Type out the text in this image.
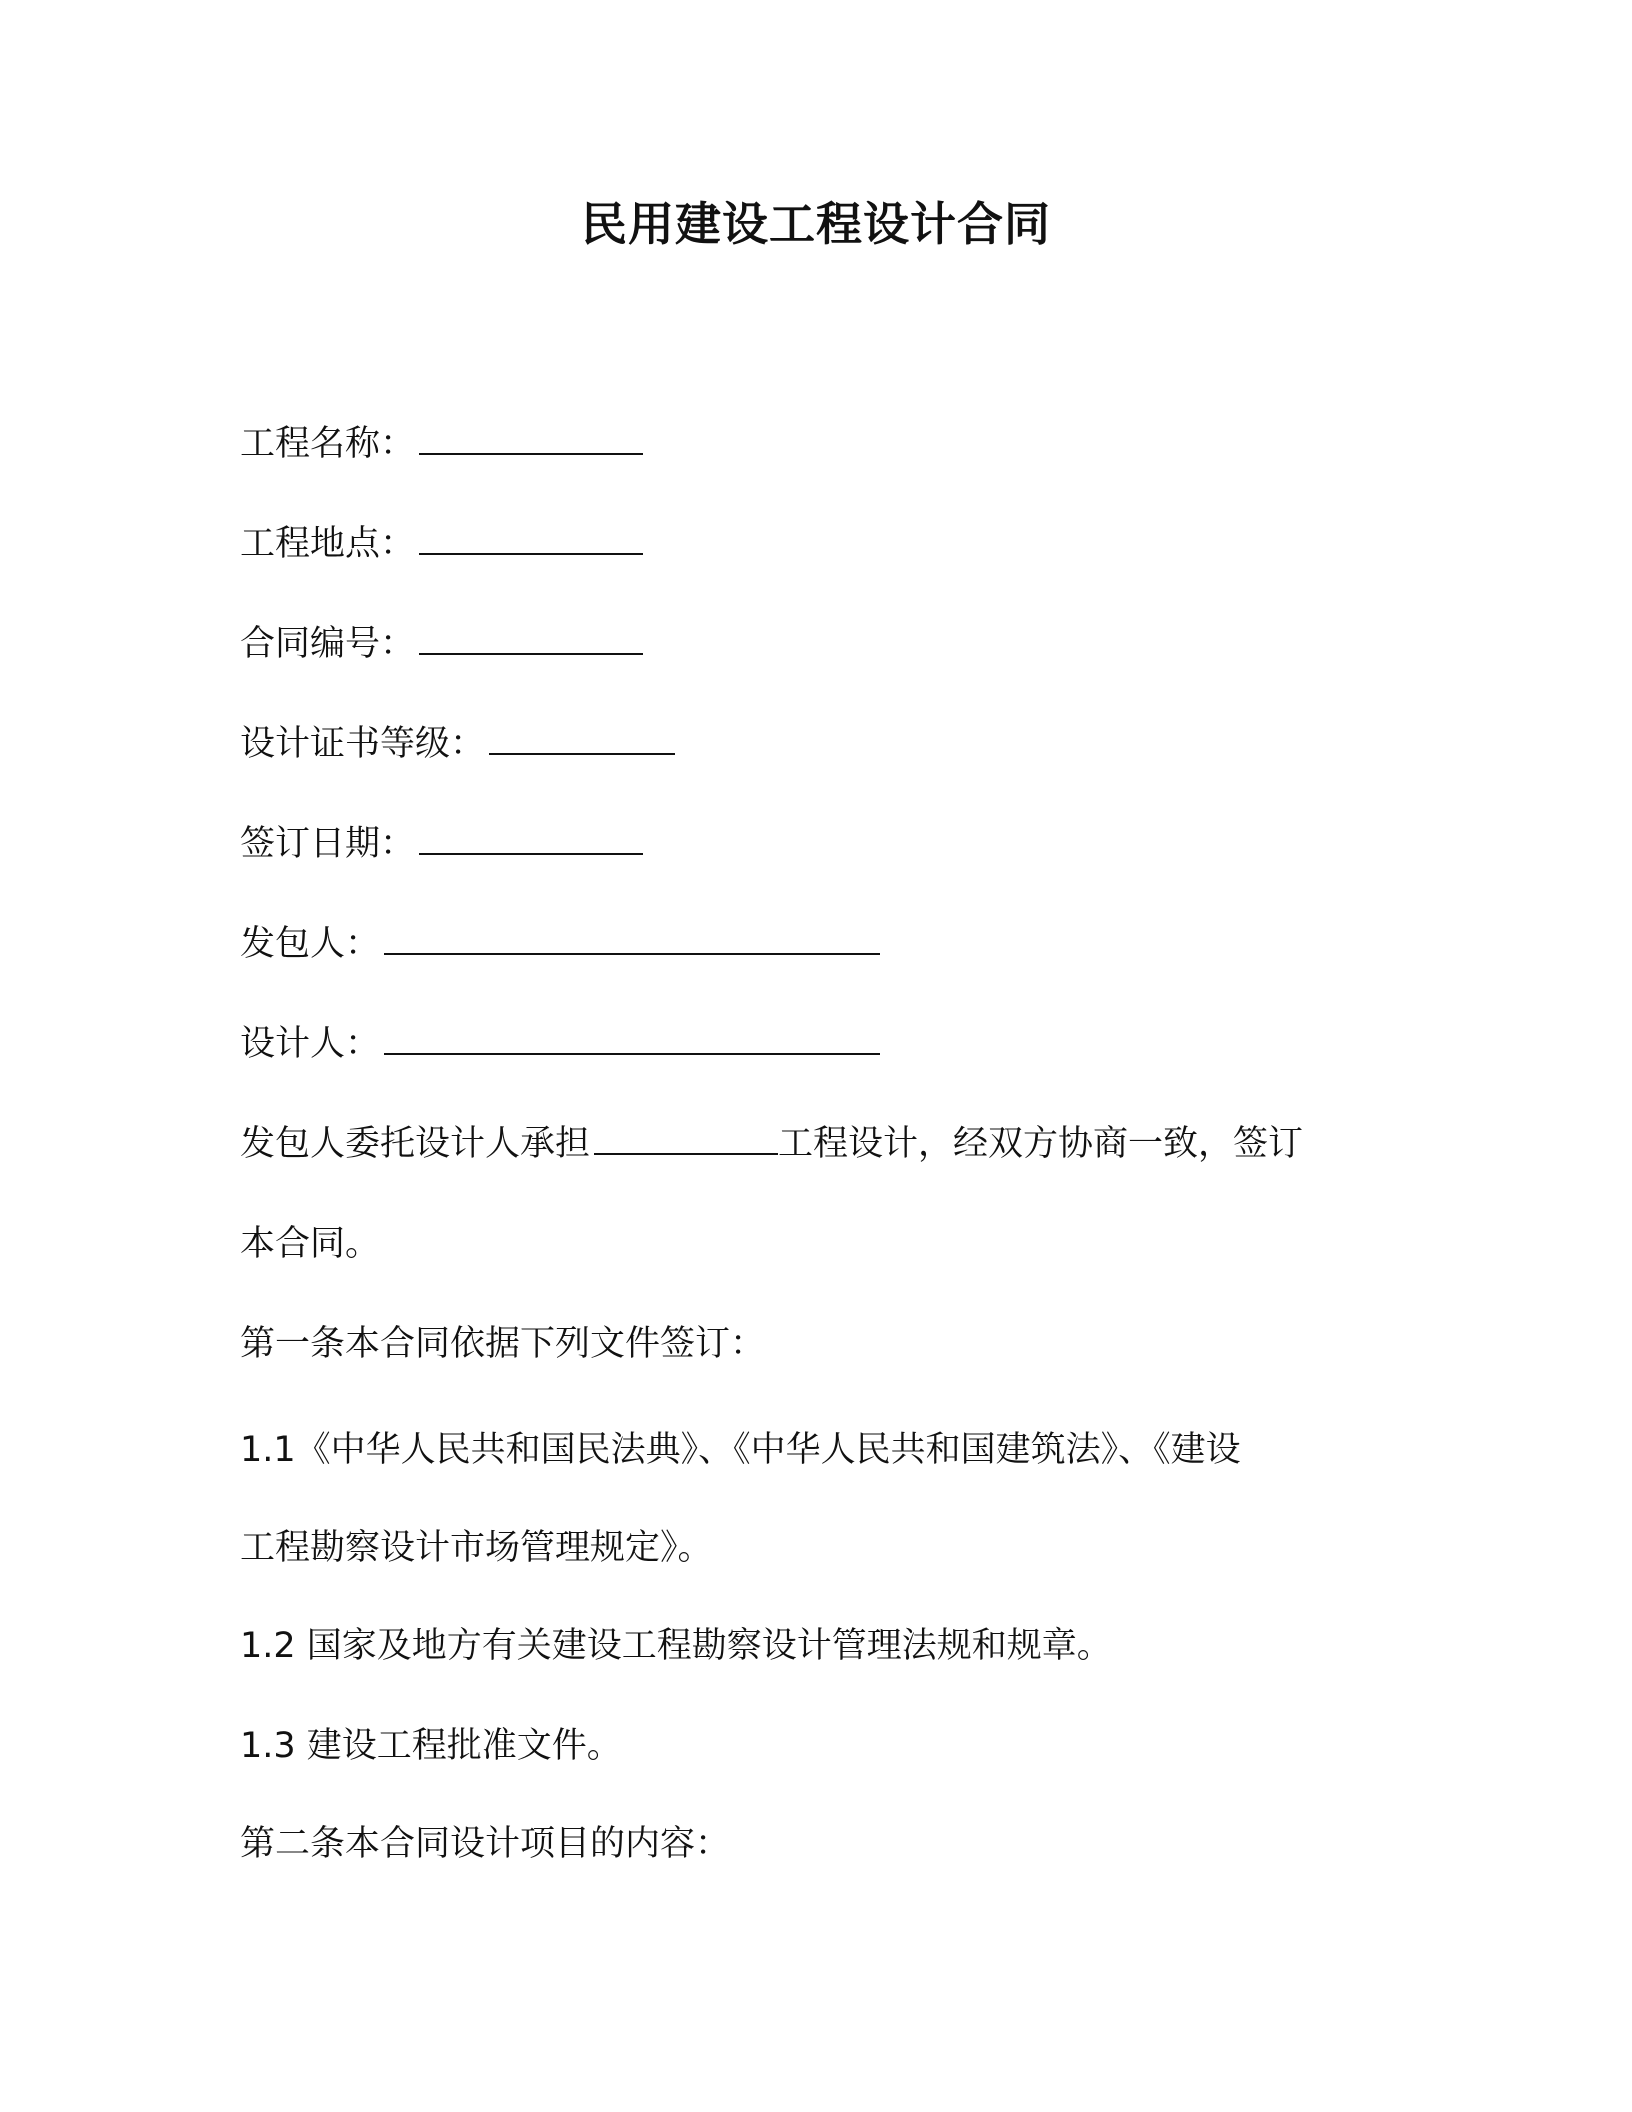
民用建设工程设计合同
工程名称：
工程地点：
合同编号：
设计证书等级：
签订日期：
发包人：
设计人：
发包人委托设计人承担	工程设计，经双方协商一致，签订
本合同。
第一条本合同依据下列文件签订：
1.1《中华人民共和国民法典》、《中华人民共和国建筑法》、《建设
工程勘察设计市场管理规定》。
1.2 国家及地方有关建设工程勘察设计管理法规和规章。
1.3 建设工程批准文件。
第二条本合同设计项目的内容：
